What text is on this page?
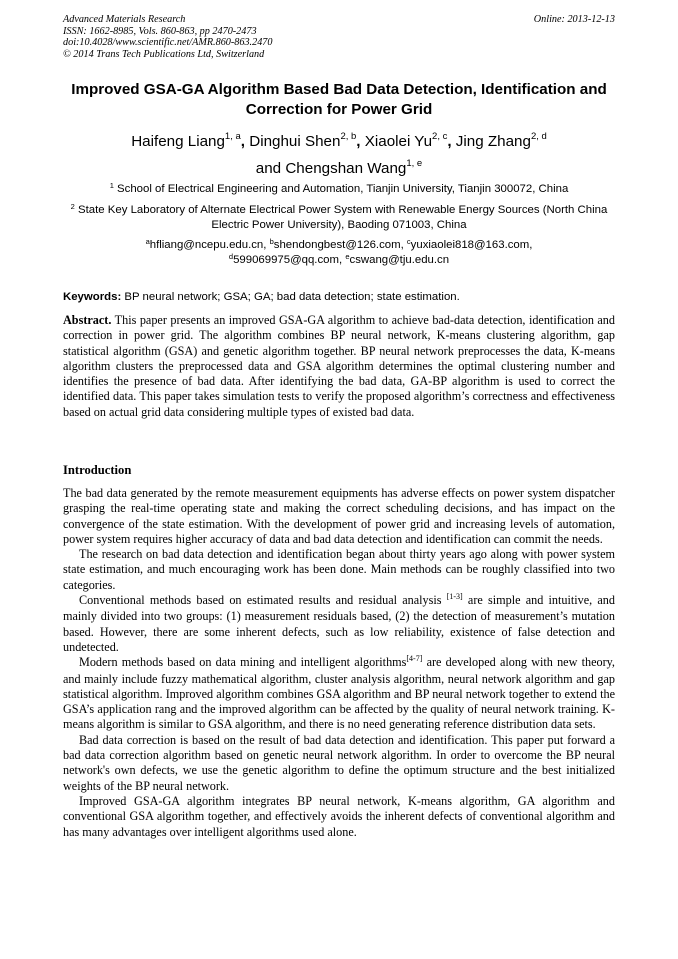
Advanced Materials Research
ISSN: 1662-8985, Vols. 860-863, pp 2470-2473
doi:10.4028/www.scientific.net/AMR.860-863.2470
© 2014 Trans Tech Publications Ltd, Switzerland
Online: 2013-12-13
Improved GSA-GA Algorithm Based Bad Data Detection, Identification and Correction for Power Grid
Haifeng Liang$^{1, a}$, Dinghui Shen$^{2, b}$, Xiaolei Yu$^{2, c}$, Jing Zhang$^{2, d}$
and Chengshan Wang$^{1, e}$

$^1$ School of Electrical Engineering and Automation, Tianjin University, Tianjin 300072, China

$^2$ State Key Laboratory of Alternate Electrical Power System with Renewable Energy Sources (North China Electric Power University), Baoding 071003, China

$^a$hfliang@ncepu.edu.cn, $^b$shendongbest@126.com, $^c$yuxiaolei818@163.com,
$^d$599069975@qq.com, $^e$cswang@tju.edu.cn
Keywords: BP neural network; GSA; GA; bad data detection; state estimation.

Abstract. This paper presents an improved GSA-GA algorithm to achieve bad-data detection, identification and correction in power grid. The algorithm combines BP neural network, K-means clustering algorithm, gap statistical algorithm (GSA) and genetic algorithm together. BP neural network preprocesses the data, K-means algorithm clusters the preprocessed data and GSA algorithm determines the optimal clustering number and identifies the presence of bad data. After identifying the bad data, GA-BP algorithm is used to correct the identified data. This paper takes simulation tests to verify the proposed algorithm’s correctness and effectiveness based on actual grid data considering multiple types of existed bad data.

Introduction

The bad data generated by the remote measurement equipments has adverse effects on power system dispatcher grasping the real-time operating state and making the correct scheduling decisions, and has impact on the convergence of the state estimation. With the development of power grid and increasing levels of automation, power system requires higher accuracy of data and bad data detection and identification can commit the needs.

The research on bad data detection and identification began about thirty years ago along with power system state estimation, and much encouraging work has been done. Main methods can be roughly classified into two categories.

Conventional methods based on estimated results and residual analysis [1-3] are simple and intuitive, and mainly divided into two groups: (1) measurement residuals based, (2) the detection of measurement’s mutation based. However, there are some inherent defects, such as low reliability, existence of false detection and undetected.

Modern methods based on data mining and intelligent algorithms[4-7] are developed along with new theory, and mainly include fuzzy mathematical algorithm, cluster analysis algorithm, neural network algorithm and gap statistical algorithm. Improved algorithm combines GSA algorithm and BP neural network together to extend the GSA’s application rang and the improved algorithm can be affected by the quality of neural network training. K-means algorithm is similar to GSA algorithm, and there is no need generating reference distribution data sets.

Bad data correction is based on the result of bad data detection and identification. This paper put forward a bad data correction algorithm based on genetic neural network algorithm. In order to overcome the BP neural network's own defects, we use the genetic algorithm to define the optimum structure and the best initialized weights of the BP neural network.

Improved GSA-GA algorithm integrates BP neural network, K-means algorithm, GA algorithm and conventional GSA algorithm together, and effectively avoids the inherent defects of conventional algorithm and has many advantages over intelligent algorithms used alone.
